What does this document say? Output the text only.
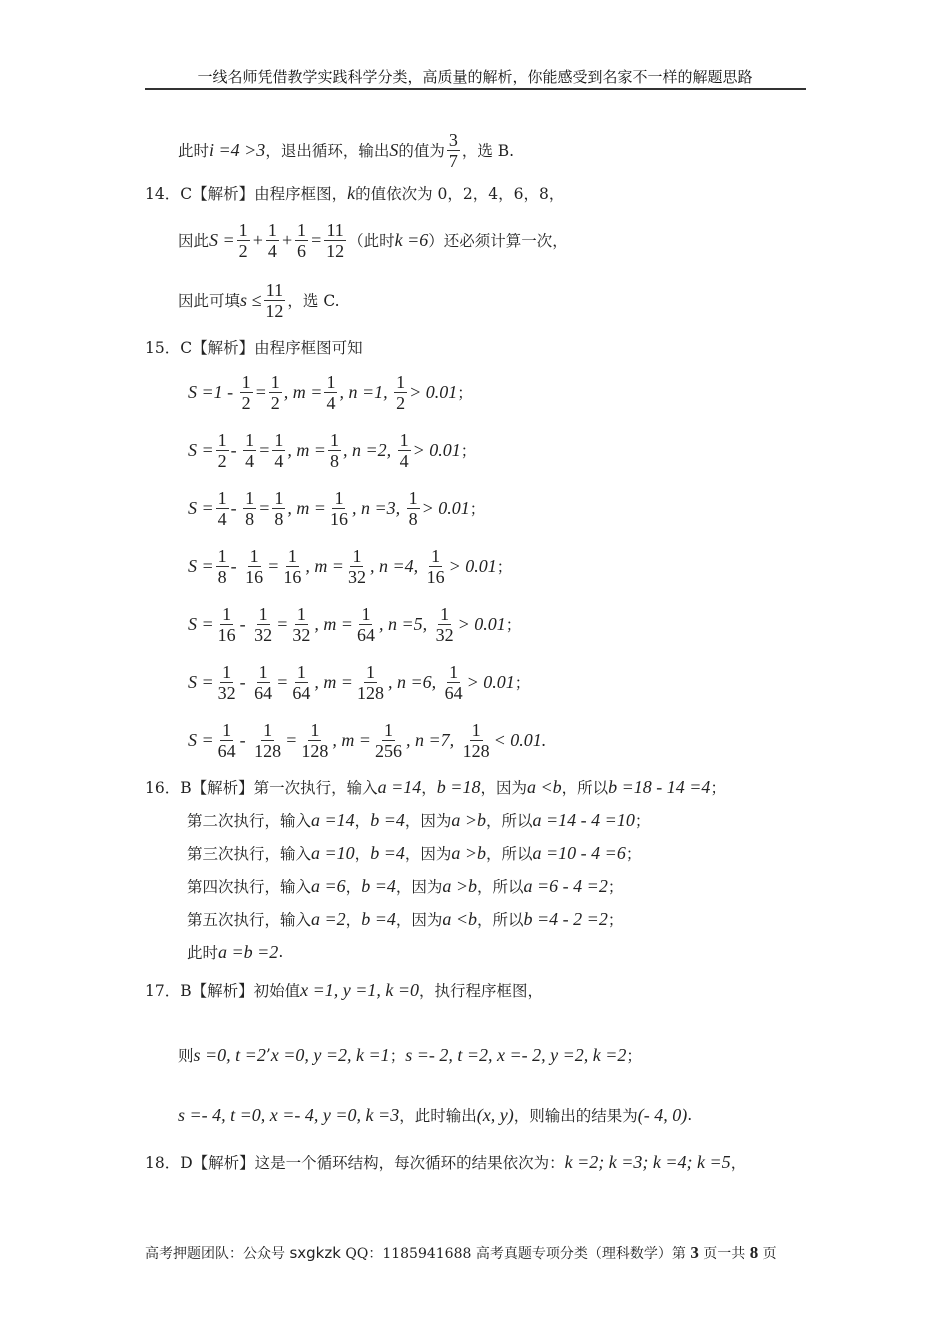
一线名师凭借教学实践科学分类，高质量的解析，你能感受到名家不一样的解题思路
此时 i =4 >3 ，退出循环，输出 S 的值为 $\frac{3}{7}$ ，选 B.
14．C【解析】由程序框图， k 的值依次为 0，2，4，6，8，
因此 $S = \frac{1}{2} + \frac{1}{4} + \frac{1}{6} = \frac{11}{12}$ （此时 k =6 ）还必须计算一次，
因此可填 $s \le \frac{11}{12}$ ，选 C.
15．C【解析】由程序框图可知
$S =1 - \frac{1}{2} = \frac{1}{2}$ , $m = \frac{1}{4}$ , n =1, $\frac{1}{2} > 0.01$ ；
$S = \frac{1}{2} - \frac{1}{4} = \frac{1}{4}$ , $m = \frac{1}{8}$ , n =2, $\frac{1}{4} > 0.01$ ；
$S = \frac{1}{4} - \frac{1}{8} = \frac{1}{8}$ , $m = \frac{1}{16}$ , n =3, $\frac{1}{8} > 0.01$ ；
$S = \frac{1}{8} - \frac{1}{16} = \frac{1}{16}$ , $m = \frac{1}{32}$ , n =4, $\frac{1}{16} > 0.01$ ；
$S = \frac{1}{16} - \frac{1}{32} = \frac{1}{32}$ , $m = \frac{1}{64}$ , n =5, $\frac{1}{32} > 0.01$ ；
$S = \frac{1}{32} - \frac{1}{64} = \frac{1}{64}$ , $m = \frac{1}{128}$ , n =6, $\frac{1}{64} > 0.01$ ；
$S = \frac{1}{64} - \frac{1}{128} = \frac{1}{128}$ , $m = \frac{1}{256}$ , n =7, $\frac{1}{128} < 0.01$.
16．B【解析】第一次执行，输入 a =14 ， b =18 ，因为 a <b ，所以 b =18 - 14 =4 ；
第二次执行，输入 a =14 ， b =4 ，因为 a >b ，所以 a =14 - 4 =10 ；
第三次执行，输入 a =10 ， b =4 ，因为 a >b ，所以 a =10 - 4 =6 ；
第四次执行，输入 a =6 ， b =4 ，因为 a >b ，所以 a =6 - 4 =2 ；
第五次执行，输入 a =2 ， b =4 ，因为 a <b ，所以 b =4 - 2 =2 ；
此时 a =b =2 .
17．B【解析】初始值 x =1, y =1, k =0 ，执行程序框图，
则 s =0, t =2 ’ x =0, y =2, k =1 ； s =- 2, t =2, x =- 2, y =2, k =2 ；
s =- 4, t =0, x =- 4, y =0, k =3 ，此时输出 (x, y) ，则输出的结果为 (- 4, 0) .
18．D【解析】这是一个循环结构，每次循环的结果依次为： k =2; k =3; k =4; k =5 ，
高考押题团队：公众号 sxgkzk QQ：1185941688 高考真题专项分类（理科数学）第 3 页一共 8 页
